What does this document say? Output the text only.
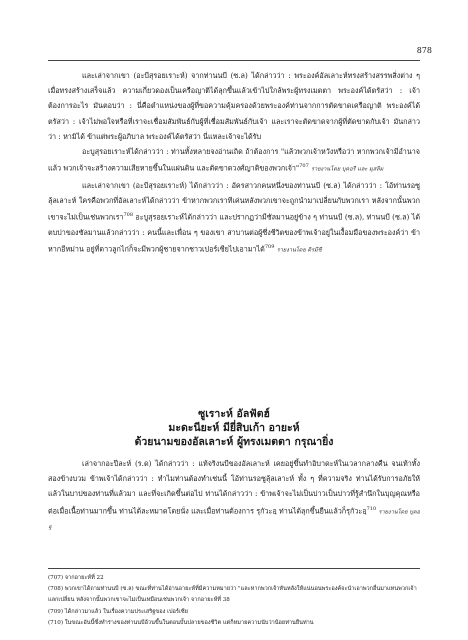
878

และเล่าจากเขา (อะบีสุรอยเราะห์) จากท่านนบี (ซ.ล) ได้กล่าวว่า : พระองค์อัลเลาะห์ทรงสร้างสรรพสิ่งต่าง ๆ เมื่อทรงสร้างเสร็จแล้ว ความเกี่ยวดองเป็นเครือญาติได้ลุกขึ้นแล้วเข้าไปใกล้พระผู้ทรงเมตตา พระองค์ได้ตรัสว่า : เจ้าต้องการอะไร มันตอบว่า : นี่คือตำแหน่งของผู้ที่ขอความคุ้มครองด้วยพระองค์ท่านจากการตัดขาดเครือญาติ พระองค์ได้ตรัสว่า : เจ้าไม่พอใจหรือที่เราจะเชื่อมสัมพันธ์กับผู้ที่เชื่อมสัมพันธ์กับเจ้า และเราจะตัดขาดจากผู้ที่ตัดขาดกับเจ้า มันกล่าวว่า : หามิได้ ข้าแต่พระผู้อภิบาล พระองค์ได้ตรัสว่า นี่แหละเจ้าจะได้รับ

อะบูสุรอยเราะห์ได้กล่าวว่า : ท่านทั้งหลายจงอ่านเถิด ถ้าต้องการ "แล้วพวกเจ้าหวังหรือว่า หากพวกเจ้ามีอำนาจแล้ว พวกเจ้าจะสร้างความเสียหายขึ้นในแผ่นดิน และตัดขาดวงศ์ญาติของพวกเจ้า"$^{707}$ รายงานโดย บุคอรี และ มุสลิม

และเล่าจากเขา (อะบีสุรอยเราะห์) ได้กล่าวว่า : อัครสาวกคนหนึ่งของท่านนบี (ซ.ล) ได้กล่าวว่า : โอ้ท่านรอซูลุ้ลเลาะห์ ใครคือพวกที่อัลเลาะห์ได้กล่าวว่า ข้าหากพวกเราทีเค่นหลังพวกเขาจะถูกนำมาเปลี่ยนกับพวกเรา หลังจากนั้นพวกเขาจะไม่เป็นเช่นพวกเรา$^{708}$ อะบูสุรอยเราะห์ได้กล่าวว่า และปรากฏว่ามีซัลมานอยู่ข้าง ๆ ท่านนบี (ซ.ล), ท่านนบี (ซ.ล) ได้ตบบ่าของซัลมานแล้วกล่าวว่า : คนนี้และเพื่อน ๆ ของเขา สาบานต่อผู้ซึ่งชีวิตของข้าพเจ้าอยู่ในเงื้อมมือของพระองค์ว่า ข้าหากอีหม่าน อยู่ที่ดาวลูกไก่ก็จะมีพวกผู้ชายจากชาวเปอร์เซียไปเอามาได้$^{709}$ รายงานโดย ติรมีซี

ซูเราะห์ อัลฟัตฮ์

มะดะนียะห์ มียี่สิบเก้า อายะห์

ด้วยนามของอัลเลาะห์ ผู้ทรงเมตตา กรุณายิ่ง

เล่าจากอะปีละห์ (ร.ด) ได้กล่าวว่า : แท้จริงนบีของอัลเลาะห์ เคยอยู่ขึ้นทำอิบาดะห์ในเวลากลางคืน จนเท้าทั้งสองข้างบวม ข้าพเจ้าได้กล่าวว่า : ทำไมท่านต้องทำเช่นนี้ โอ้ท่านรอซูลุ้ลเลาะห์ ทั้ง ๆ ที่ความจริง ท่านได้รับการอภัยให้แล้วในบาปของท่านที่แล้วมา และที่จะเกิดขึ้นต่อไป ท่านได้กล่าวว่า : ข้าพเจ้าจะไม่เป็นบ่าวเป็นบ่าวที่รู้สำนึกในบุญคุณหรือ ต่อเมื่อเนื้อท่านมากขึ้น ท่านได้ละหมาดโดยนั่ง และเมื่อท่านต้องการ รุกัวะอฺ ท่านได้ลุกขึ้นยืนแล้วก็รุกัวะอฺ$^{710}$ รายงานโดย บุคอรี

(707) จากอายะห์ที่ 22
(708) พวกเขาได้ถามท่านนบี (ซ.ล) ขณะที่ท่านได้อ่านอายะห์ที่มีความหมายว่า "และหากพวกเจ้าหันหลังให้แน่นอนพระองค์จะนำเอาพวกอื่นมาแทนพวกเจ้าแลกเปลี่ยน หลังจากนั้นพวกเขาจะไม่เป็นเหมือนเช่นพวกเจ้า จากอายะห์ที่ 38
(709) ได้กล่าวมาแล้ว ในเรื่องความประเสริฐของ เปอร์เซีย
(710) ในขณะอันนี้ซึ่งทำร่างของท่านนบีอ้วนขึ้นในตอนบั้นปลายของชีวิต แต่ก็หมายความนับว่าน้อยท่านยืนท่าน
